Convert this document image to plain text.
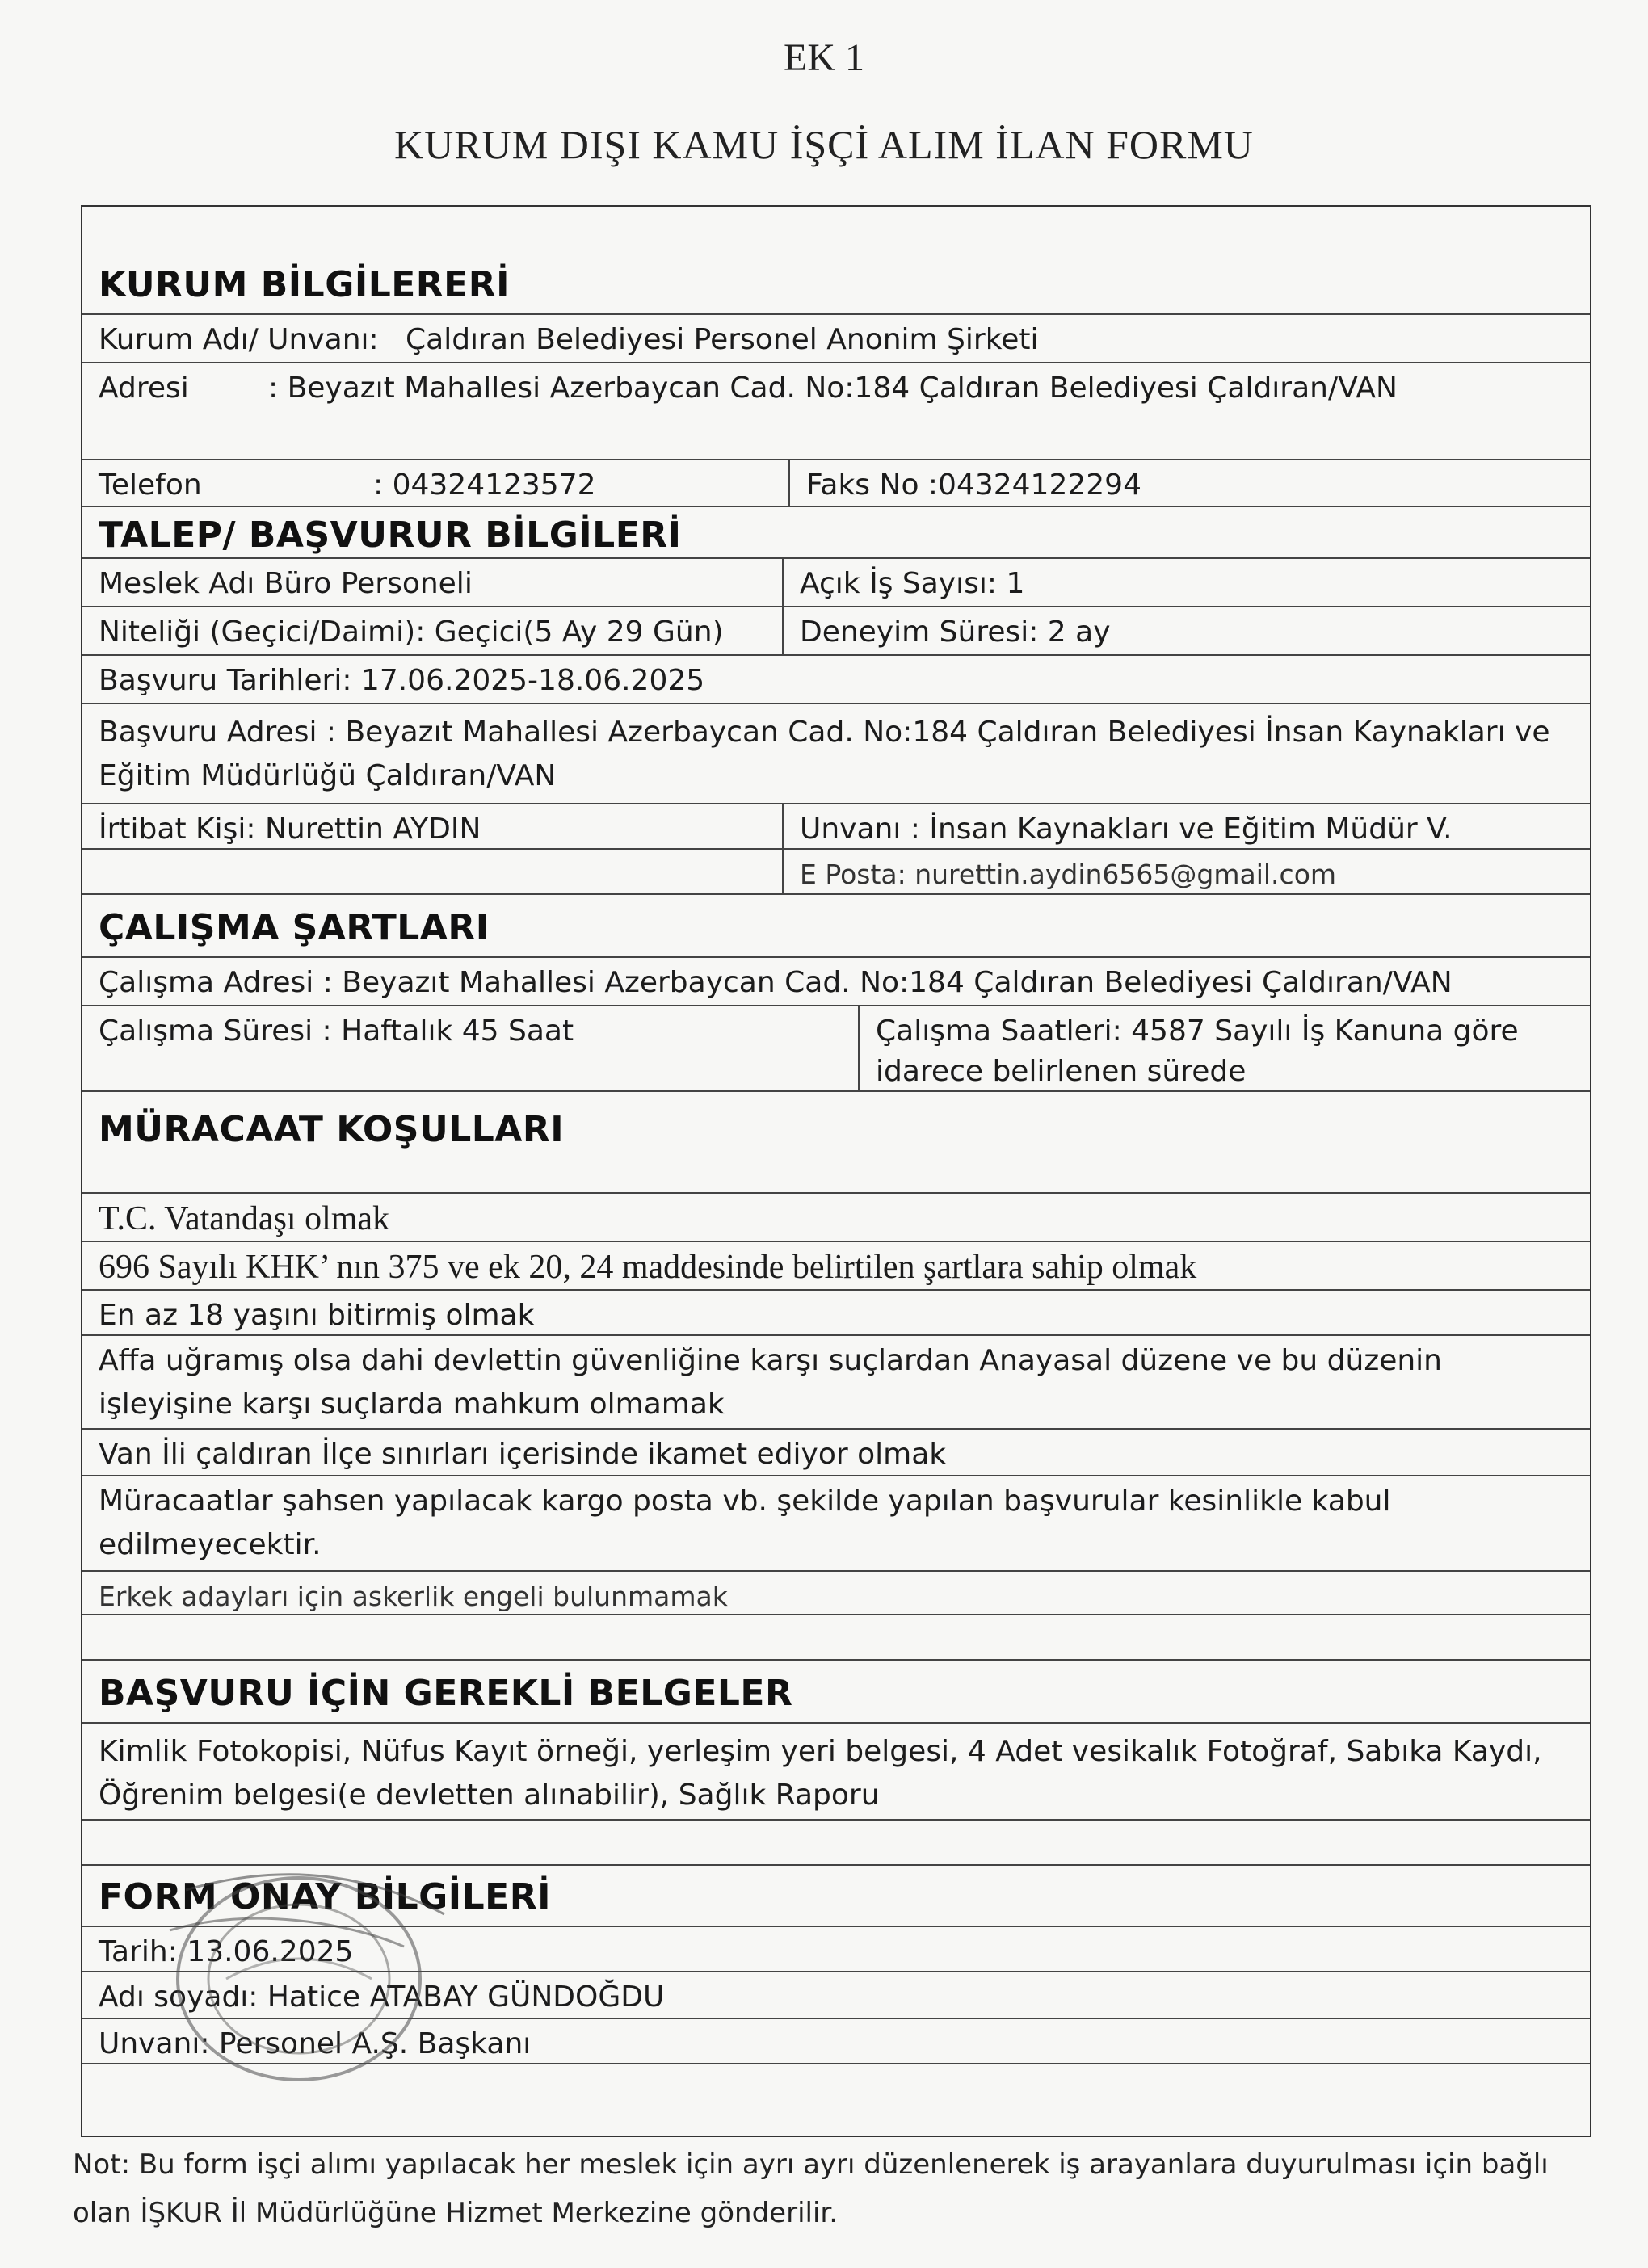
EK 1
KURUM DIŞI KAMU İŞÇİ ALIM İLAN FORMU
KURUM BİLGİLERERİ
Kurum Adı/ Unvanı: Çaldıran Belediyesi Personel Anonim Şirketi
Adresi	: Beyazıt Mahallesi Azerbaycan Cad. No:184 Çaldıran Belediyesi Çaldıran/VAN
Telefon	: 04324123572	Faks No :04324122294
TALEP/ BAŞVURUR BİLGİLERİ
Meslek Adı Büro Personeli	Açık İş Sayısı: 1
Niteliği (Geçici/Daimi): Geçici(5 Ay 29 Gün)	Deneyim Süresi: 2 ay
Başvuru Tarihleri: 17.06.2025-18.06.2025
Başvuru Adresi : Beyazıt Mahallesi Azerbaycan Cad. No:184 Çaldıran Belediyesi İnsan Kaynakları ve Eğitim Müdürlüğü Çaldıran/VAN
İrtibat Kişi: Nurettin AYDIN	Unvanı : İnsan Kaynakları ve Eğitim Müdür V.
E Posta: nurettin.aydin6565@gmail.com
ÇALIŞMA ŞARTLARI
Çalışma Adresi : Beyazıt Mahallesi Azerbaycan Cad. No:184 Çaldıran Belediyesi Çaldıran/VAN
Çalışma Süresi : Haftalık 45 Saat	Çalışma Saatleri: 4587 Sayılı İş Kanuna göre idarece belirlenen sürede
MÜRACAAT KOŞULLARI
T.C. Vatandaşı olmak
696 Sayılı KHK’ nın 375 ve ek 20, 24 maddesinde belirtilen şartlara sahip olmak
En az 18 yaşını bitirmiş olmak
Affa uğramış olsa dahi devlettin güvenliğine karşı suçlardan Anayasal düzene ve bu düzenin işleyişine karşı suçlarda mahkum olmamak
Van İli çaldıran İlçe sınırları içerisinde ikamet ediyor olmak
Müracaatlar şahsen yapılacak kargo posta vb. şekilde yapılan başvurular kesinlikle kabul edilmeyecektir.
Erkek adayları için askerlik engeli bulunmamak
BAŞVURU İÇİN GEREKLİ BELGELER
Kimlik Fotokopisi, Nüfus Kayıt örneği, yerleşim yeri belgesi, 4 Adet vesikalık Fotoğraf, Sabıka Kaydı, Öğrenim belgesi(e devletten alınabilir), Sağlık Raporu
FORM ONAY BİLGİLERİ
Tarih: 13.06.2025
Adı soyadı: Hatice ATABAY GÜNDOĞDU
Unvanı: Personel A.Ş. Başkanı
Not: Bu form işçi alımı yapılacak her meslek için ayrı ayrı düzenlenerek iş arayanlara duyurulması için bağlı olan İŞKUR İl Müdürlüğüne Hizmet Merkezine gönderilir.
